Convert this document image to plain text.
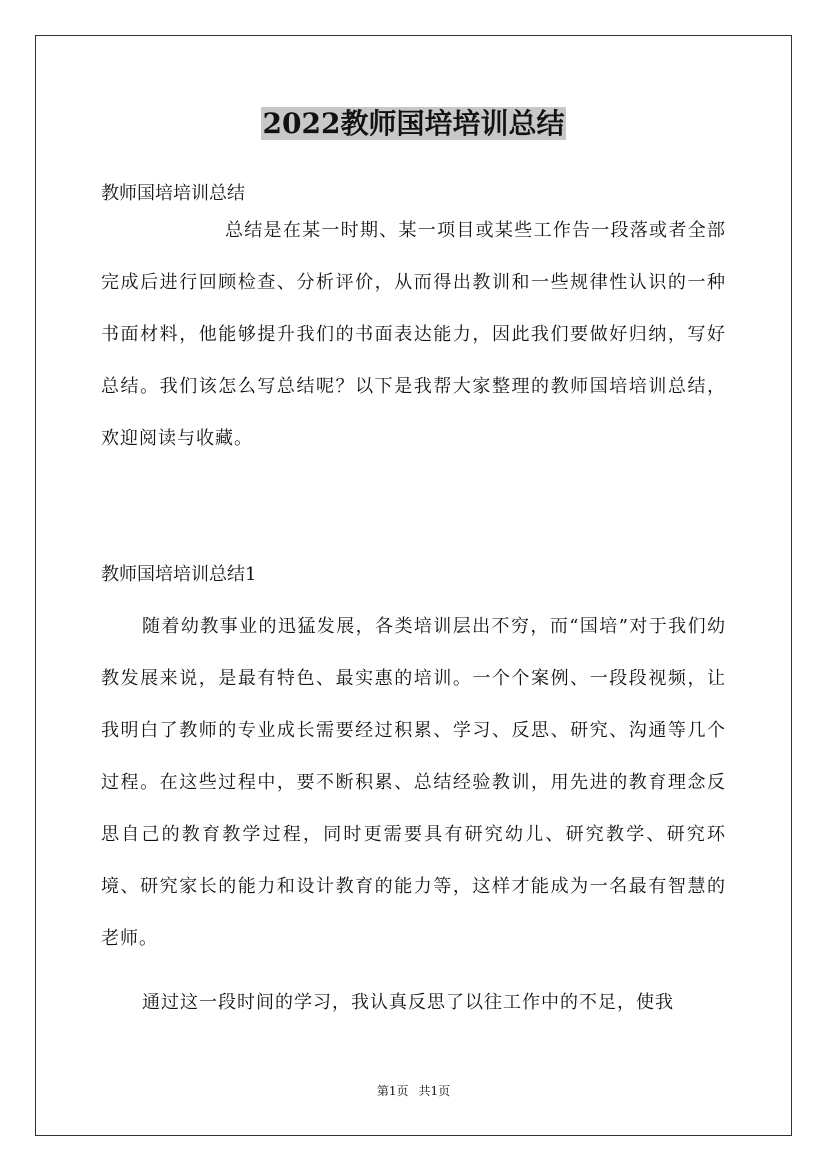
2022教师国培培训总结

教师国培培训总结

总结是在某一时期、某一项目或某些工作告一段落或者全部完成后进行回顾检查、分析评价，从而得出教训和一些规律性认识的一种书面材料，他能够提升我们的书面表达能力，因此我们要做好归纳，写好总结。我们该怎么写总结呢？以下是我帮大家整理的教师国培培训总结，欢迎阅读与收藏。

教师国培培训总结1

随着幼教事业的迅猛发展，各类培训层出不穷，而“国培”对于我们幼教发展来说，是最有特色、最实惠的培训。一个个案例、一段段视频，让我明白了教师的专业成长需要经过积累、学习、反思、研究、沟通等几个过程。在这些过程中，要不断积累、总结经验教训，用先进的教育理念反思自己的教育教学过程，同时更需要具有研究幼儿、研究教学、研究环境、研究家长的能力和设计教育的能力等，这样才能成为一名最有智慧的老师。

通过这一段时间的学习，我认真反思了以往工作中的不足，使我

第1页 共1页
